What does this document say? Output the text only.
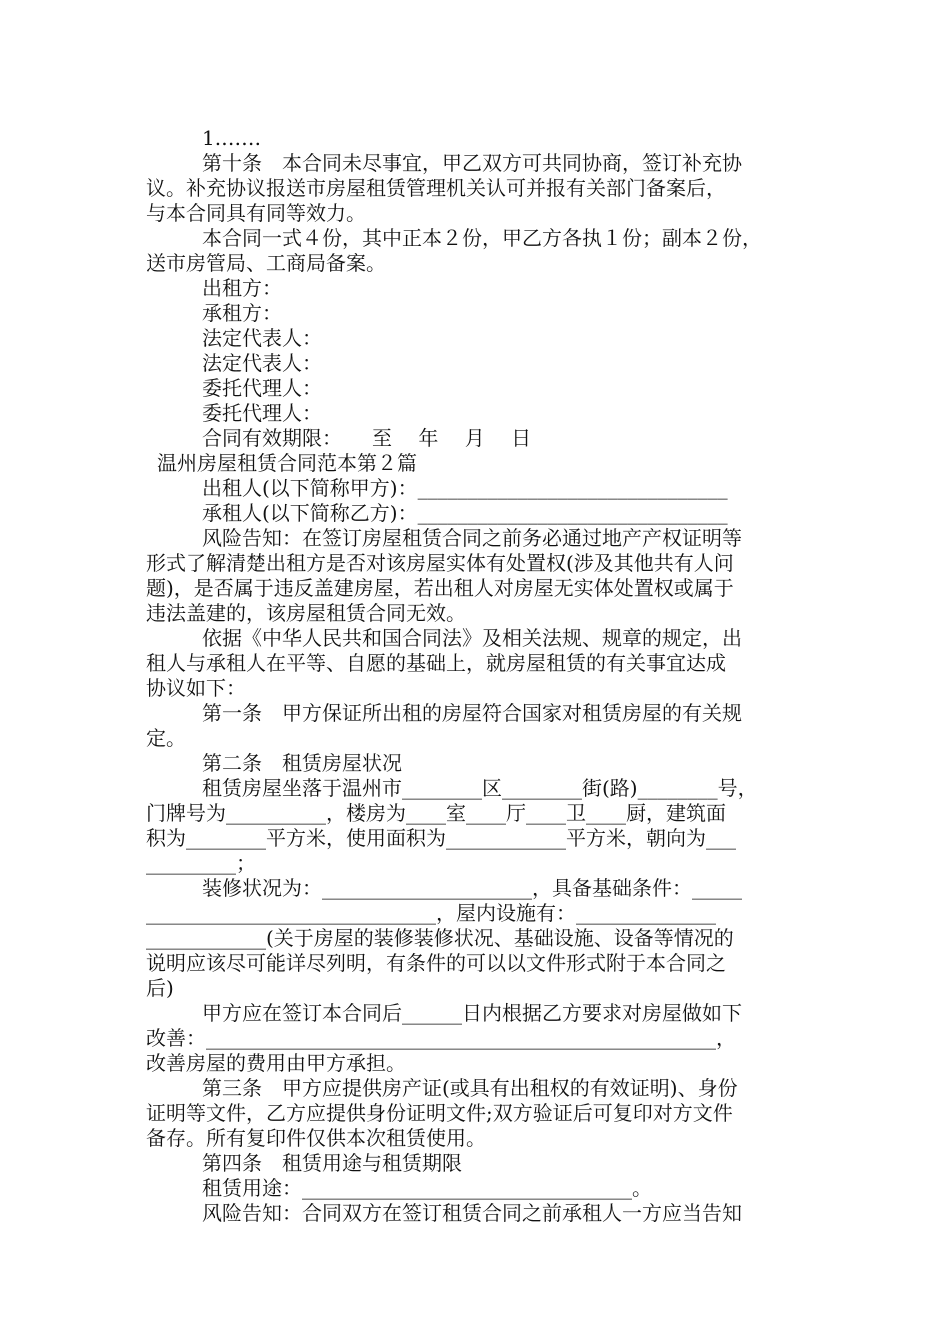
1.……
第十条　本合同未尽事宜，甲乙双方可共同协商，签订补充协
议。补充协议报送市房屋租赁管理机关认可并报有关部门备案后，
与本合同具有同等效力。
本合同一式４份，其中正本２份，甲乙方各执１份；副本２份，
送市房管局、工商局备案。
出租方：
承租方：
法定代表人：
法定代表人：
委托代理人：
委托代理人：
合同有效期限：　　至　 年　 月　 日
温州房屋租赁合同范本第２篇
出租人(以下简称甲方)：_______________________________
承租人(以下简称乙方)：_______________________________
风险告知：在签订房屋租赁合同之前务必通过地产产权证明等
形式了解清楚出租方是否对该房屋实体有处置权(涉及其他共有人问
题)，是否属于违反盖建房屋，若出租人对房屋无实体处置权或属于
违法盖建的，该房屋租赁合同无效。
依据《中华人民共和国合同法》及相关法规、规章的规定，出
租人与承租人在平等、自愿的基础上，就房屋租赁的有关事宜达成
协议如下：
第一条　甲方保证所出租的房屋符合国家对租赁房屋的有关规
定。
第二条　租赁房屋状况
租赁房屋坐落于温州市________区________街(路)________号，
门牌号为__________，楼房为____室____厅____卫____厨，建筑面
积为________平方米，使用面积为____________平方米，朝向为___
_________；
装修状况为：_____________________，具备基础条件：_____
_____________________________，屋内设施有：______________
____________(关于房屋的装修装修状况、基础设施、设备等情况的
说明应该尽可能详尽列明，有条件的可以以文件形式附于本合同之
后)
甲方应在签订本合同后______日内根据乙方要求对房屋做如下
改善：___________________________________________________，
改善房屋的费用由甲方承担。
第三条　甲方应提供房产证(或具有出租权的有效证明)、身份
证明等文件，乙方应提供身份证明文件;双方验证后可复印对方文件
备存。所有复印件仅供本次租赁使用。
第四条　租赁用途与租赁期限
租赁用途：_________________________________。
风险告知：合同双方在签订租赁合同之前承租人一方应当告知
